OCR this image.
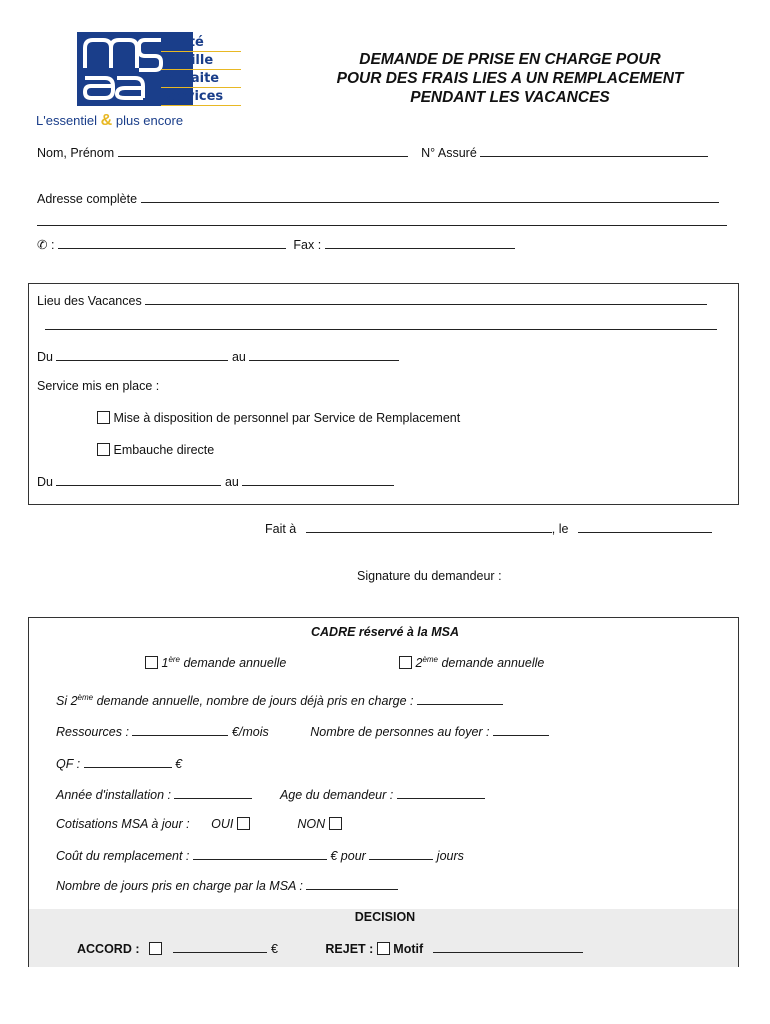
santé
famille
retraite
services
L'essentiel & plus encore
DEMANDE DE PRISE EN CHARGE POUR
POUR DES FRAIS LIES A UN REMPLACEMENT
PENDANT LES VACANCES
Nom, Prénom	N° Assuré
Adresse complète
✆ :	Fax :
Lieu des Vacances
Du	au
Service mis en place :
Mise à disposition de personnel par Service de Remplacement
Embauche directe
Du	au
Fait à	, le
Signature du demandeur :
CADRE réservé à la MSA
1ère demande annuelle	2ème demande annuelle
Si 2ème demande annuelle, nombre de jours déjà pris en charge :
Ressources :	€/mois	Nombre de personnes au foyer :
QF :	€
Année d'installation :	Age du demandeur :
Cotisations MSA à jour : OUI	NON
Coût du remplacement :	€ pour	jours
Nombre de jours pris en charge par la MSA :
DECISION
ACCORD :	€	REJET : Motif
